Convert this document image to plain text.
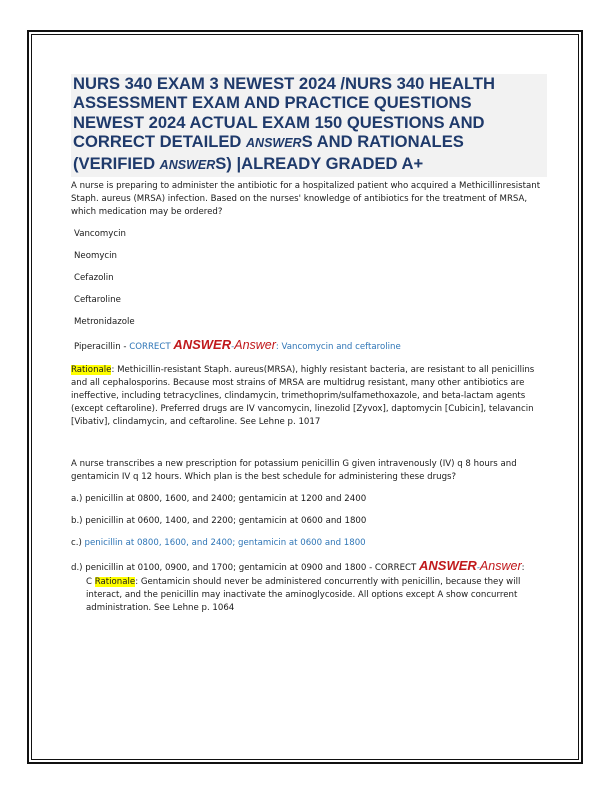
NURS 340 EXAM 3 NEWEST 2024 /NURS 340 HEALTH ASSESSMENT EXAM AND PRACTICE QUESTIONS NEWEST 2024 ACTUAL EXAM 150 QUESTIONS AND CORRECT DETAILED ANSWERS AND RATIONALES (VERIFIED ANSWERS) |ALREADY GRADED A+

A nurse is preparing to administer the antibiotic for a hospitalized patient who acquired a Methicillinresistant Staph. aureus (MRSA) infection. Based on the nurses' knowledge of antibiotics for the treatment of MRSA, which medication may be ordered?

Vancomycin

Neomycin

Cefazolin

Ceftaroline

Metronidazole

Piperacillin - CORRECT ANSWER-Answer: Vancomycin and ceftaroline

Rationale: Methicillin-resistant Staph. aureus(MRSA), highly resistant bacteria, are resistant to all penicillins and all cephalosporins. Because most strains of MRSA are multidrug resistant, many other antibiotics are ineffective, including tetracyclines, clindamycin, trimethoprim/sulfamethoxazole, and beta-lactam agents (except ceftaroline). Preferred drugs are IV vancomycin, linezolid [Zyvox], daptomycin [Cubicin], telavancin [Vibativ], clindamycin, and ceftaroline. See Lehne p. 1017

A nurse transcribes a new prescription for potassium penicillin G given intravenously (IV) q 8 hours and gentamicin IV q 12 hours. Which plan is the best schedule for administering these drugs?

a.) penicillin at 0800, 1600, and 2400; gentamicin at 1200 and 2400

b.) penicillin at 0600, 1400, and 2200; gentamicin at 0600 and 1800

c.) penicillin at 0800, 1600, and 2400; gentamicin at 0600 and 1800

d.) penicillin at 0100, 0900, and 1700; gentamicin at 0900 and 1800 - CORRECT ANSWER-Answer:

C Rationale: Gentamicin should never be administered concurrently with penicillin, because they will interact, and the penicillin may inactivate the aminoglycoside. All options except A show concurrent administration. See Lehne p. 1064
